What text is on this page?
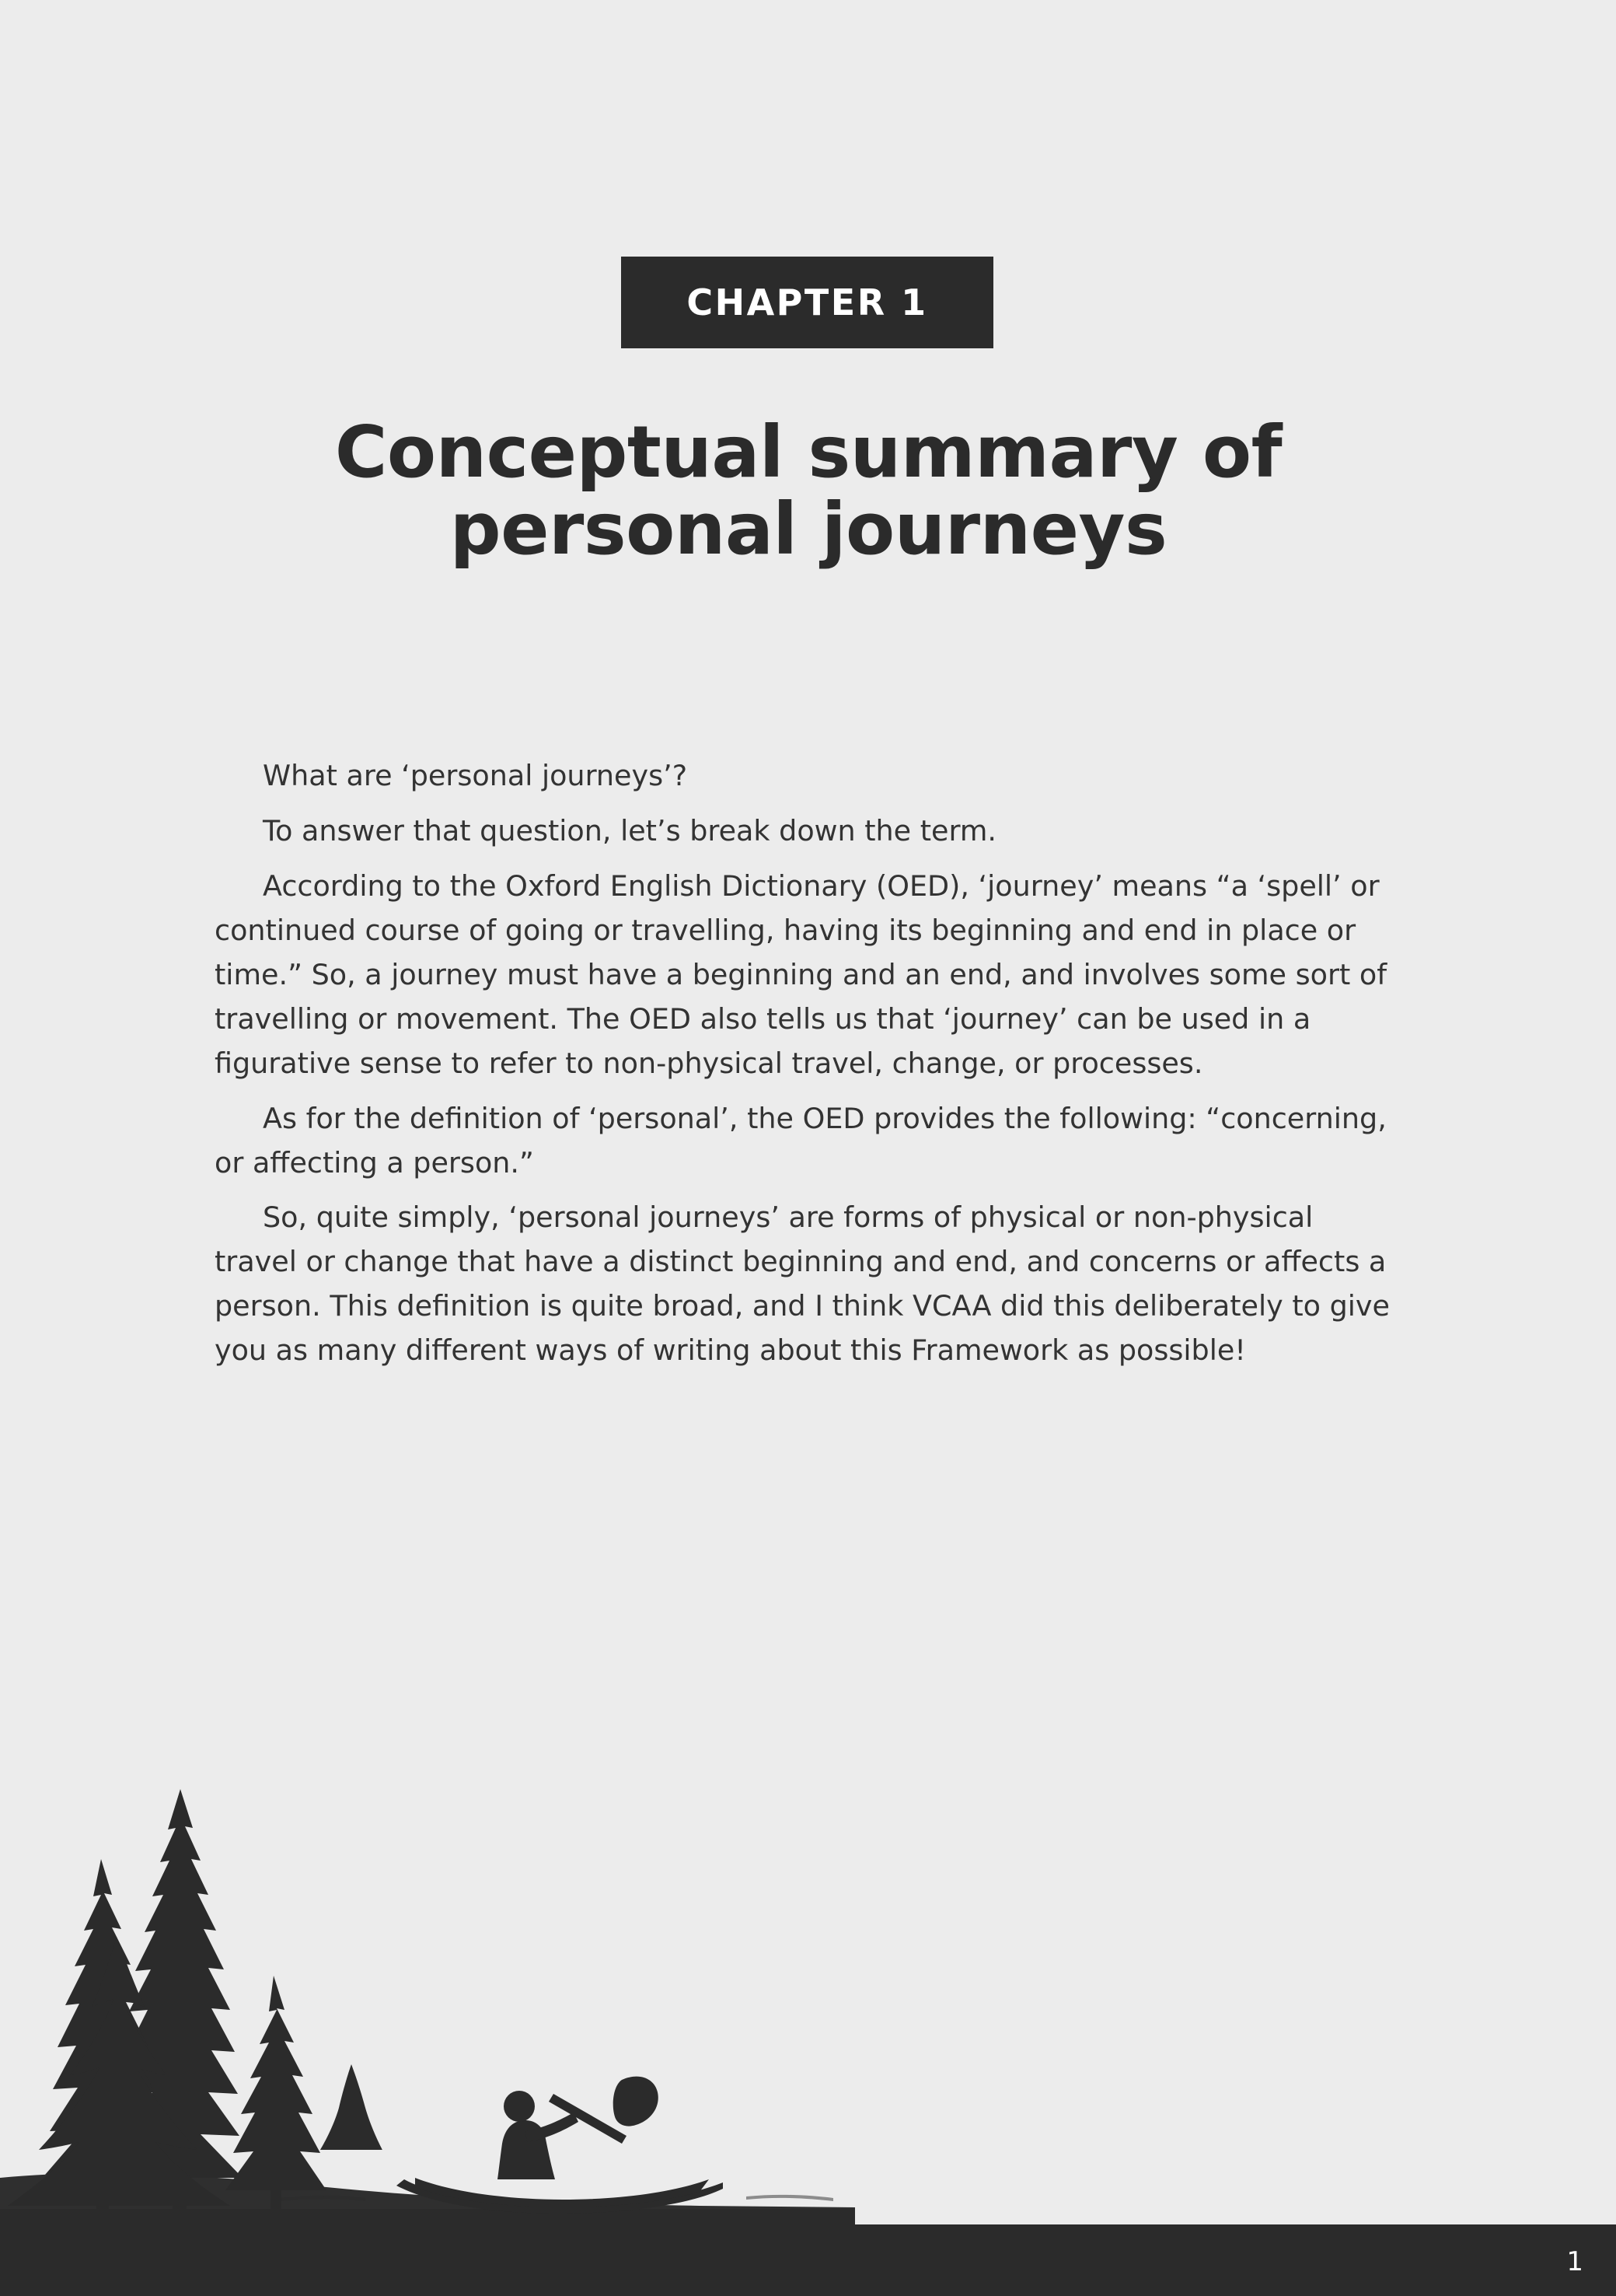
CHAPTER 1
Conceptual summary of personal journeys

What are ‘personal journeys’?

To answer that question, let’s break down the term.

According to the Oxford English Dictionary (OED), ‘journey’ means “a ‘spell’ or continued course of going or travelling, having its beginning and end in place or time.” So, a journey must have a beginning and an end, and involves some sort of travelling or movement. The OED also tells us that ‘journey’ can be used in a figurative sense to refer to non-physical travel, change, or processes.

As for the definition of ‘personal’, the OED provides the following: “concerning, or affecting a person.”

So, quite simply, ‘personal journeys’ are forms of physical or non-physical travel or change that have a distinct beginning and end, and concerns or affects a person. This definition is quite broad, and I think VCAA did this deliberately to give you as many different ways of writing about this Framework as possible!

1
